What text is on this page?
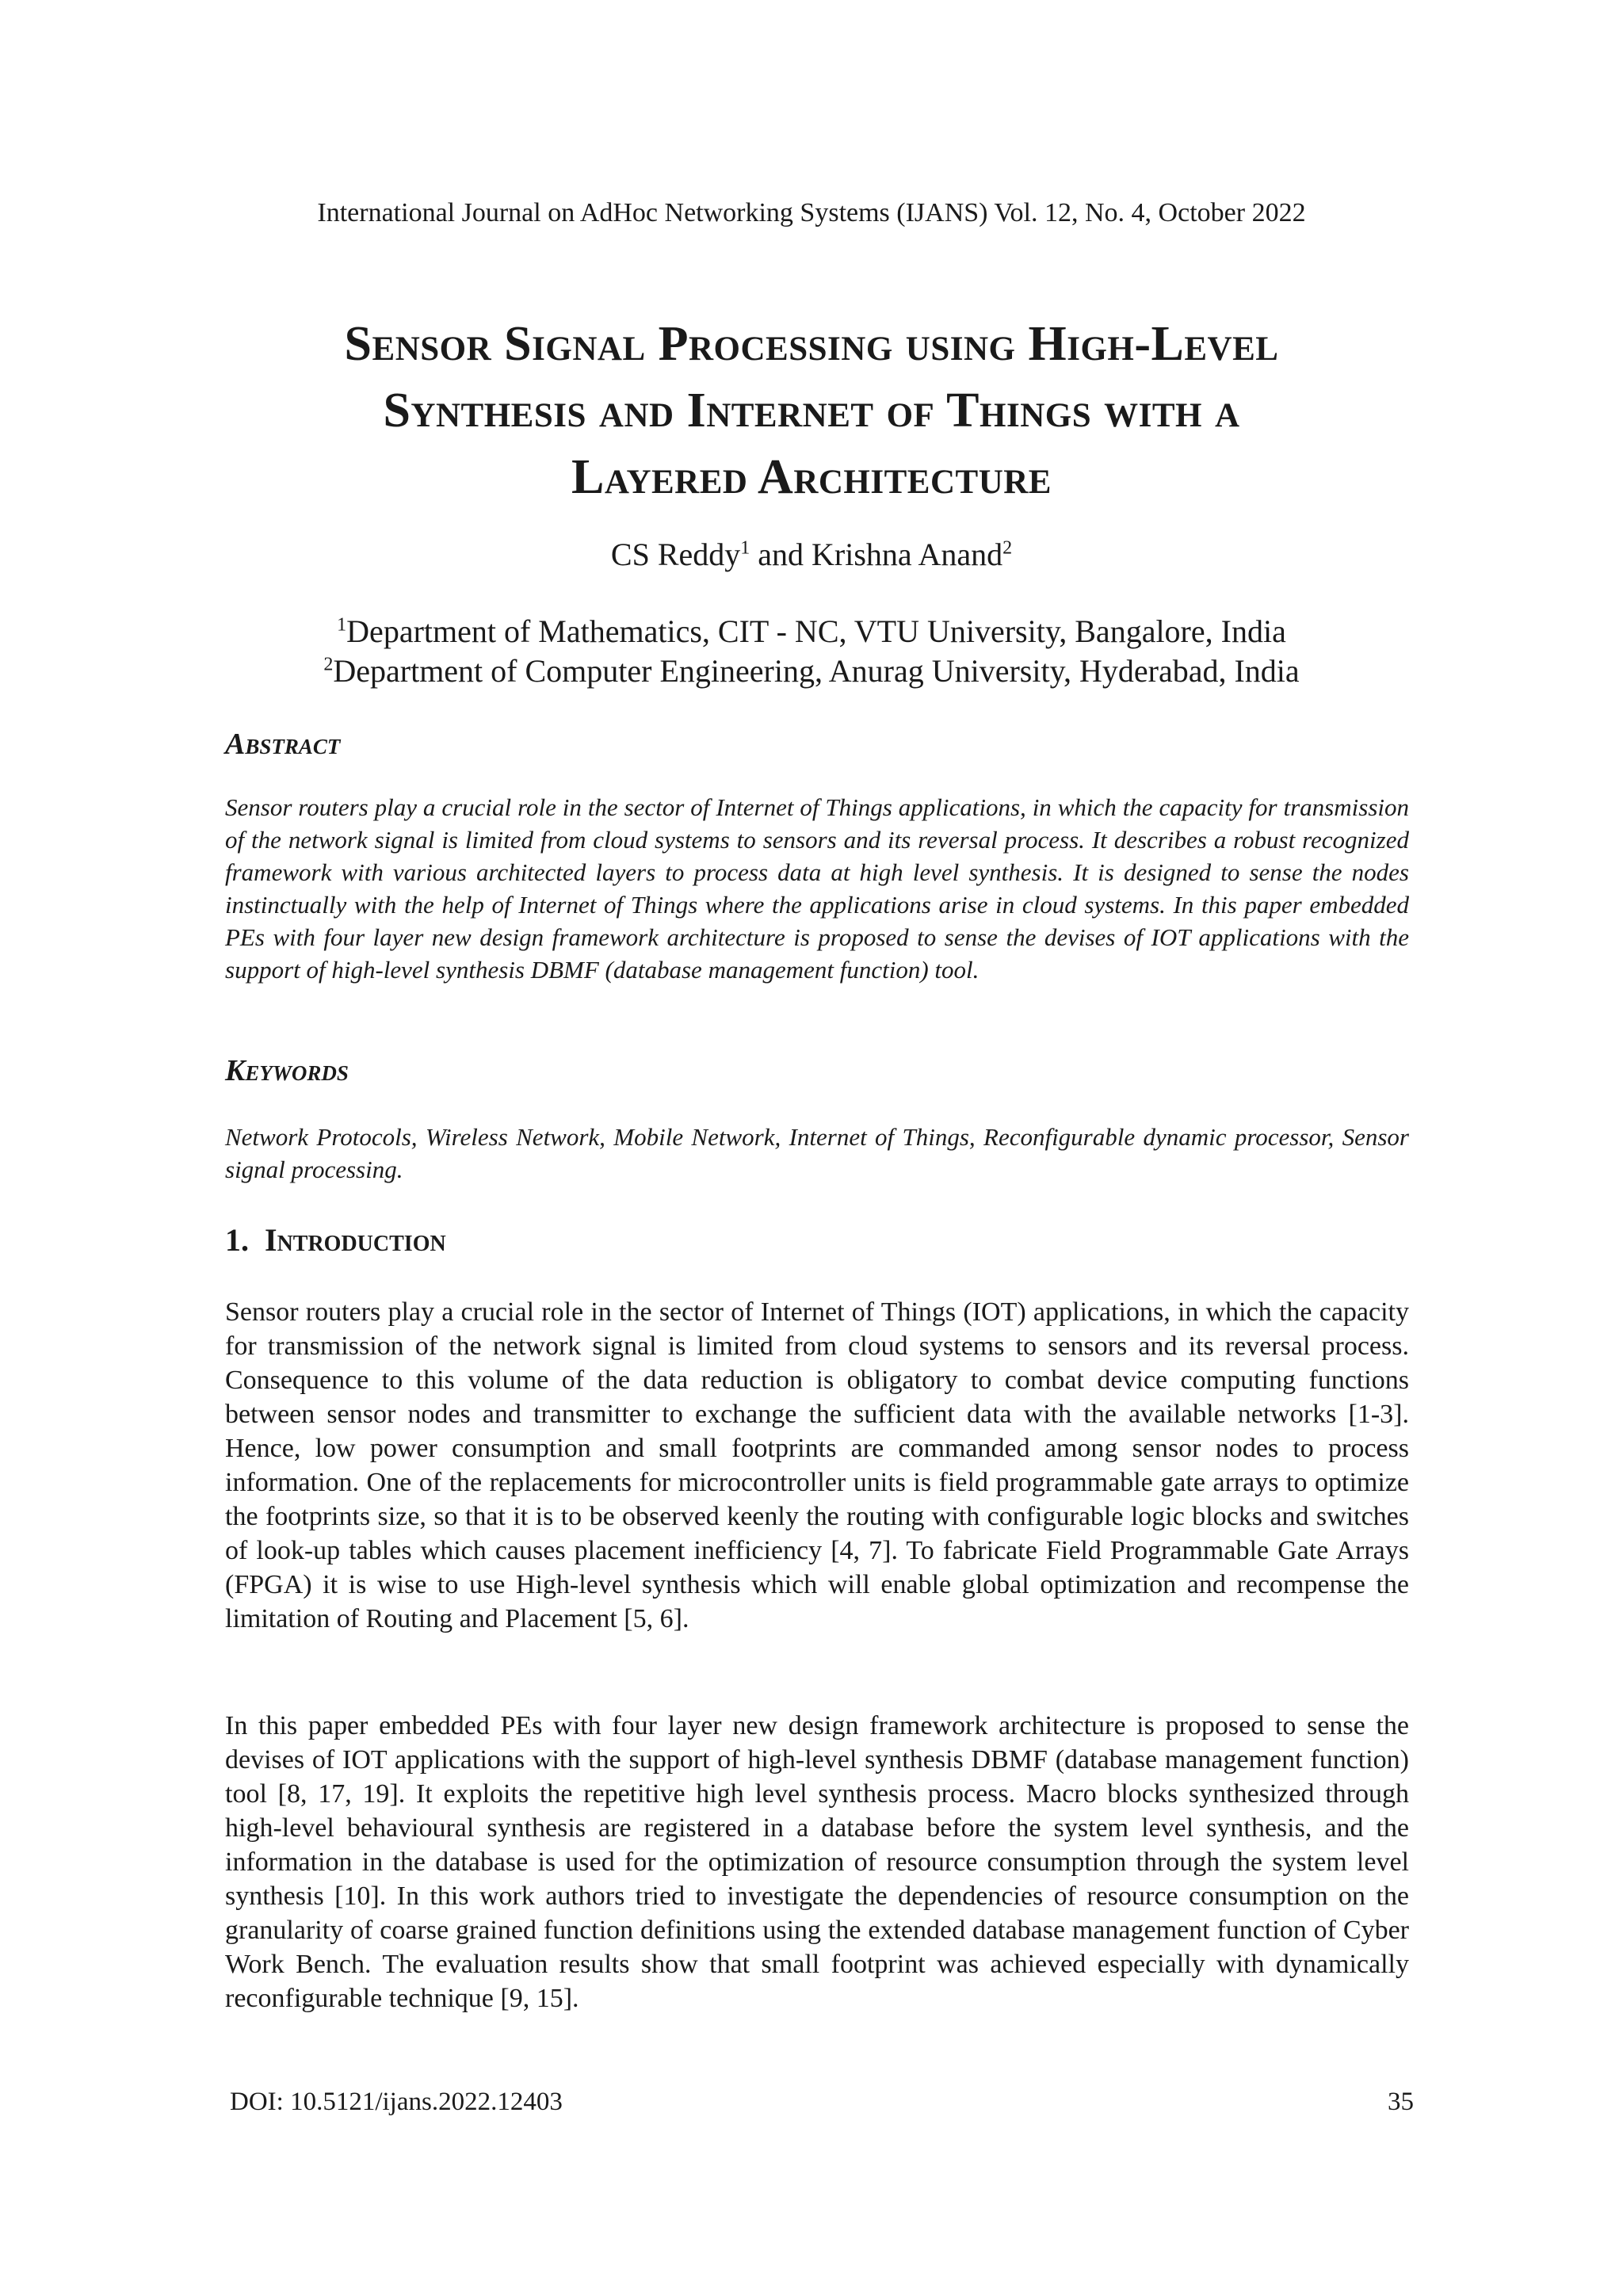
International Journal on AdHoc Networking Systems (IJANS) Vol. 12, No. 4, October 2022
Sensor Signal Processing using High-Level
Synthesis and Internet of Things with a
Layered Architecture
CS Reddy$^1$ and Krishna Anand$^2$
$^1$Department of Mathematics, CIT - NC, VTU University, Bangalore, India
$^2$Department of Computer Engineering, Anurag University, Hyderabad, India
Abstract

Sensor routers play a crucial role in the sector of Internet of Things applications, in which the capacity for transmission of the network signal is limited from cloud systems to sensors and its reversal process. It describes a robust recognized framework with various architected layers to process data at high level synthesis. It is designed to sense the nodes instinctually with the help of Internet of Things where the applications arise in cloud systems. In this paper embedded PEs with four layer new design framework architecture is proposed to sense the devises of IOT applications with the support of high-level synthesis DBMF (database management function) tool.

Keywords

Network Protocols, Wireless Network, Mobile Network, Internet of Things, Reconfigurable dynamic processor, Sensor signal processing.

1. Introduction

Sensor routers play a crucial role in the sector of Internet of Things (IOT) applications, in which the capacity for transmission of the network signal is limited from cloud systems to sensors and its reversal process. Consequence to this volume of the data reduction is obligatory to combat device computing functions between sensor nodes and transmitter to exchange the sufficient data with the available networks [1-3]. Hence, low power consumption and small footprints are commanded among sensor nodes to process information. One of the replacements for microcontroller units is field programmable gate arrays to optimize the footprints size, so that it is to be observed keenly the routing with configurable logic blocks and switches of look-up tables which causes placement inefficiency [4, 7]. To fabricate Field Programmable Gate Arrays (FPGA) it is wise to use High-level synthesis which will enable global optimization and recompense the limitation of Routing and Placement [5, 6].

In this paper embedded PEs with four layer new design framework architecture is proposed to sense the devises of IOT applications with the support of high-level synthesis DBMF (database management function) tool [8, 17, 19]. It exploits the repetitive high level synthesis process. Macro blocks synthesized through high-level behavioural synthesis are registered in a database before the system level synthesis, and the information in the database is used for the optimization of resource consumption through the system level synthesis [10]. In this work authors tried to investigate the dependencies of resource consumption on the granularity of coarse grained function definitions using the extended database management function of Cyber Work Bench. The evaluation results show that small footprint was achieved especially with dynamically reconfigurable technique [9, 15].

DOI: 10.5121/ijans.2022.12403	35
